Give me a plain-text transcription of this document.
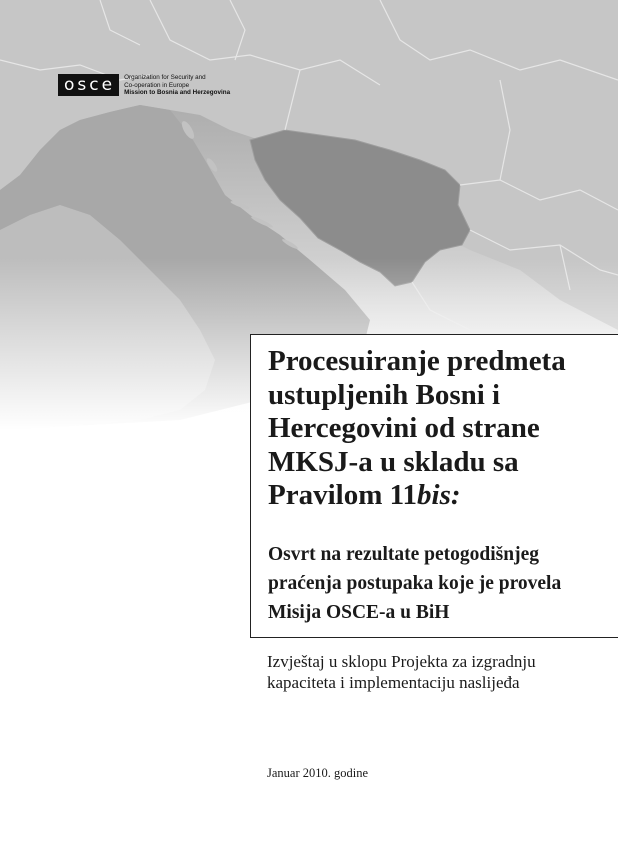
osce	Organization for Security and
Co-operation in Europe
Mission to Bosnia and Herzegovina
Procesuiranje predmeta ustupljenih Bosni i Hercegovini od strane MKSJ-a u skladu sa Pravilom 11bis:

Osvrt na rezultate petogodišnjeg praćenja postupaka koje je provela Misija OSCE-a u BiH

Izvještaj u sklopu Projekta za izgradnju kapaciteta i implementaciju naslijeđa

Januar 2010. godine
